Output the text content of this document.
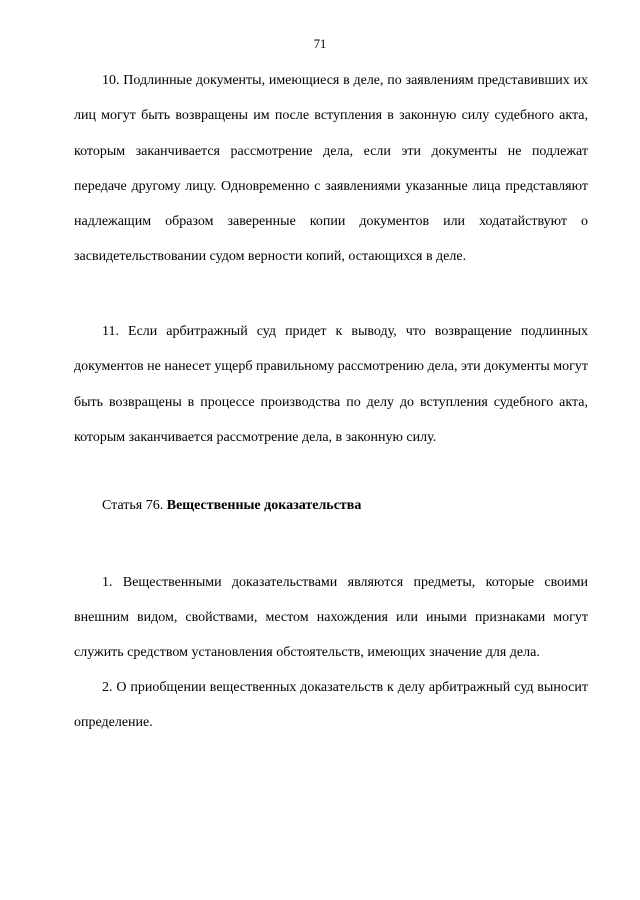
71

10. Подлинные документы, имеющиеся в деле, по заявлениям представивших их лиц могут быть возвращены им после вступления в законную силу судебного акта, которым заканчивается рассмотрение дела, если эти документы не подлежат передаче другому лицу. Одновременно с заявлениями указанные лица представляют надлежащим образом заверенные копии документов или ходатайствуют о засвидетельствовании судом верности копий, остающихся в деле.

11. Если арбитражный суд придет к выводу, что возвращение подлинных документов не нанесет ущерб правильному рассмотрению дела, эти документы могут быть возвращены в процессе производства по делу до вступления судебного акта, которым заканчивается рассмотрение дела, в законную силу.

Статья 76. Вещественные доказательства

1. Вещественными доказательствами являются предметы, которые своими внешним видом, свойствами, местом нахождения или иными признаками могут служить средством установления обстоятельств, имеющих значение для дела.

2. О приобщении вещественных доказательств к делу арбитражный суд выносит определение.
